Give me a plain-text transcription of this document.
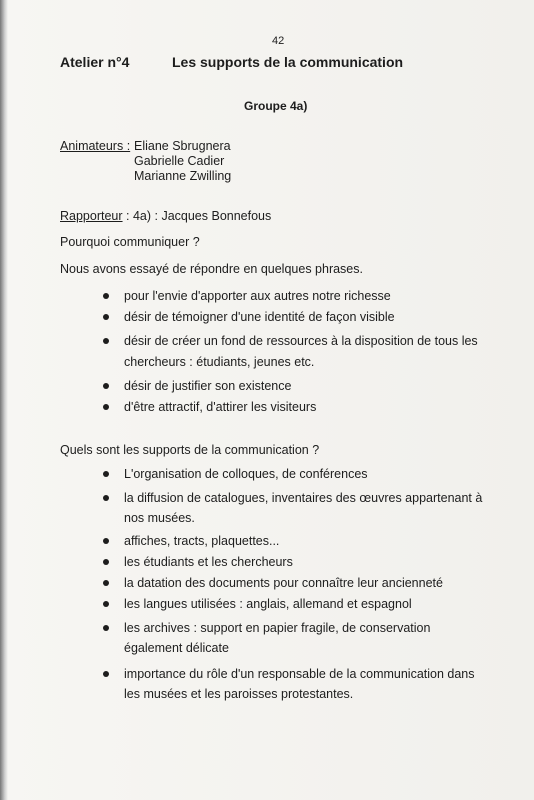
42
Atelier n°4	Les supports de la communication
Groupe 4a)
Animateurs : Eliane Sbrugnera
Gabrielle Cadier
Marianne Zwilling
Rapporteur : 4a) : Jacques Bonnefous
Pourquoi communiquer ?
Nous avons essayé de répondre en quelques phrases.
pour l'envie d'apporter aux autres notre richesse
désir de témoigner d'une identité de façon visible
désir de créer un fond de ressources à la disposition de tous les chercheurs : étudiants, jeunes etc.
désir de justifier son existence
d'être attractif, d'attirer les visiteurs
Quels sont les supports de la communication ?
L'organisation de colloques, de conférences
la diffusion de catalogues, inventaires des œuvres appartenant à nos musées.
affiches, tracts, plaquettes...
les étudiants et les chercheurs
la datation des documents pour connaître leur ancienneté
les langues utilisées : anglais, allemand et espagnol
les archives : support en papier fragile, de conservation également délicate
importance du rôle d'un responsable de la communication dans les musées et les paroisses protestantes.
